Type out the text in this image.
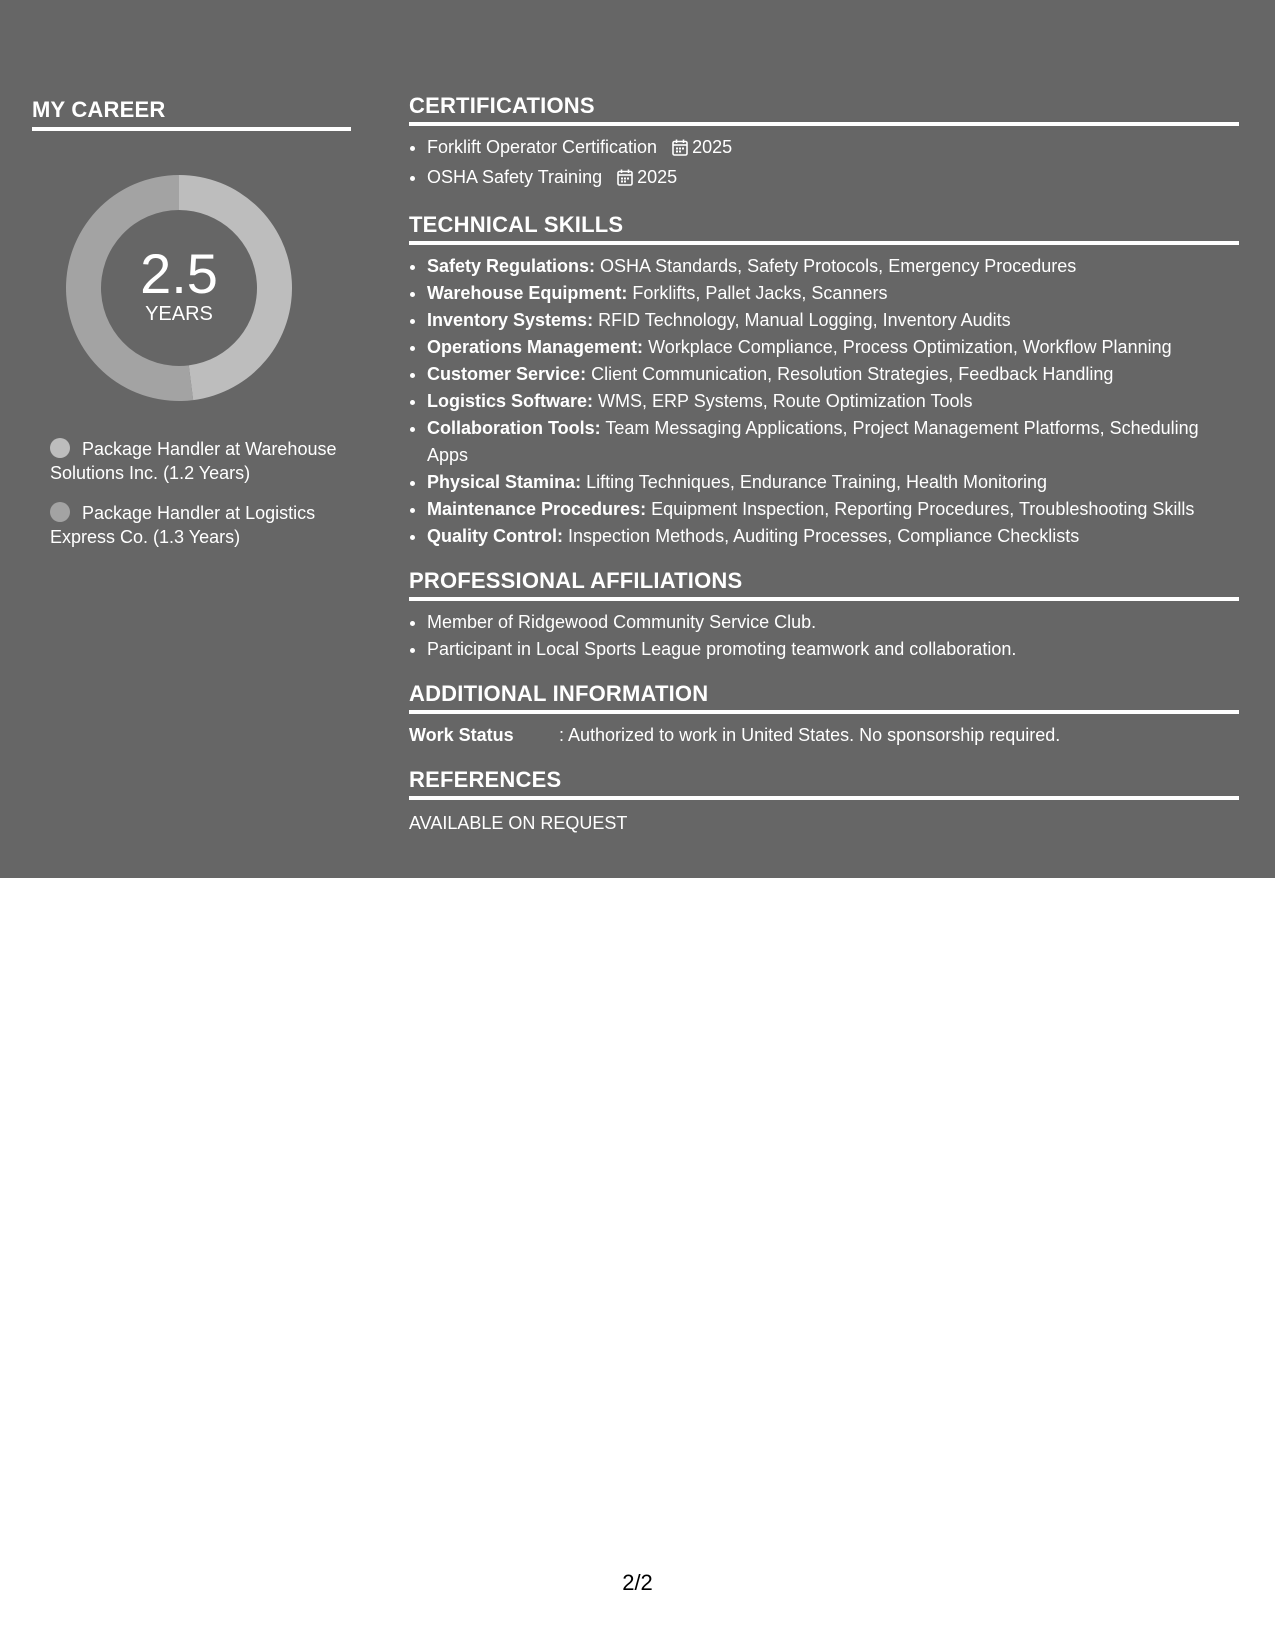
MY CAREER
2.5
YEARS
Package Handler at Warehouse Solutions Inc. (1.2 Years)
Package Handler at Logistics Express Co. (1.3 Years)
CERTIFICATIONS
• Forklift Operator Certification 2025
• OSHA Safety Training 2025
TECHNICAL SKILLS
• Safety Regulations: OSHA Standards, Safety Protocols, Emergency Procedures
• Warehouse Equipment: Forklifts, Pallet Jacks, Scanners
• Inventory Systems: RFID Technology, Manual Logging, Inventory Audits
• Operations Management: Workplace Compliance, Process Optimization, Workflow Planning
• Customer Service: Client Communication, Resolution Strategies, Feedback Handling
• Logistics Software: WMS, ERP Systems, Route Optimization Tools
• Collaboration Tools: Team Messaging Applications, Project Management Platforms, Scheduling Apps
• Physical Stamina: Lifting Techniques, Endurance Training, Health Monitoring
• Maintenance Procedures: Equipment Inspection, Reporting Procedures, Troubleshooting Skills
• Quality Control: Inspection Methods, Auditing Processes, Compliance Checklists
PROFESSIONAL AFFILIATIONS
• Member of Ridgewood Community Service Club.
• Participant in Local Sports League promoting teamwork and collaboration.
ADDITIONAL INFORMATION
Work Status	: Authorized to work in United States. No sponsorship required.
REFERENCES
AVAILABLE ON REQUEST
2/2
